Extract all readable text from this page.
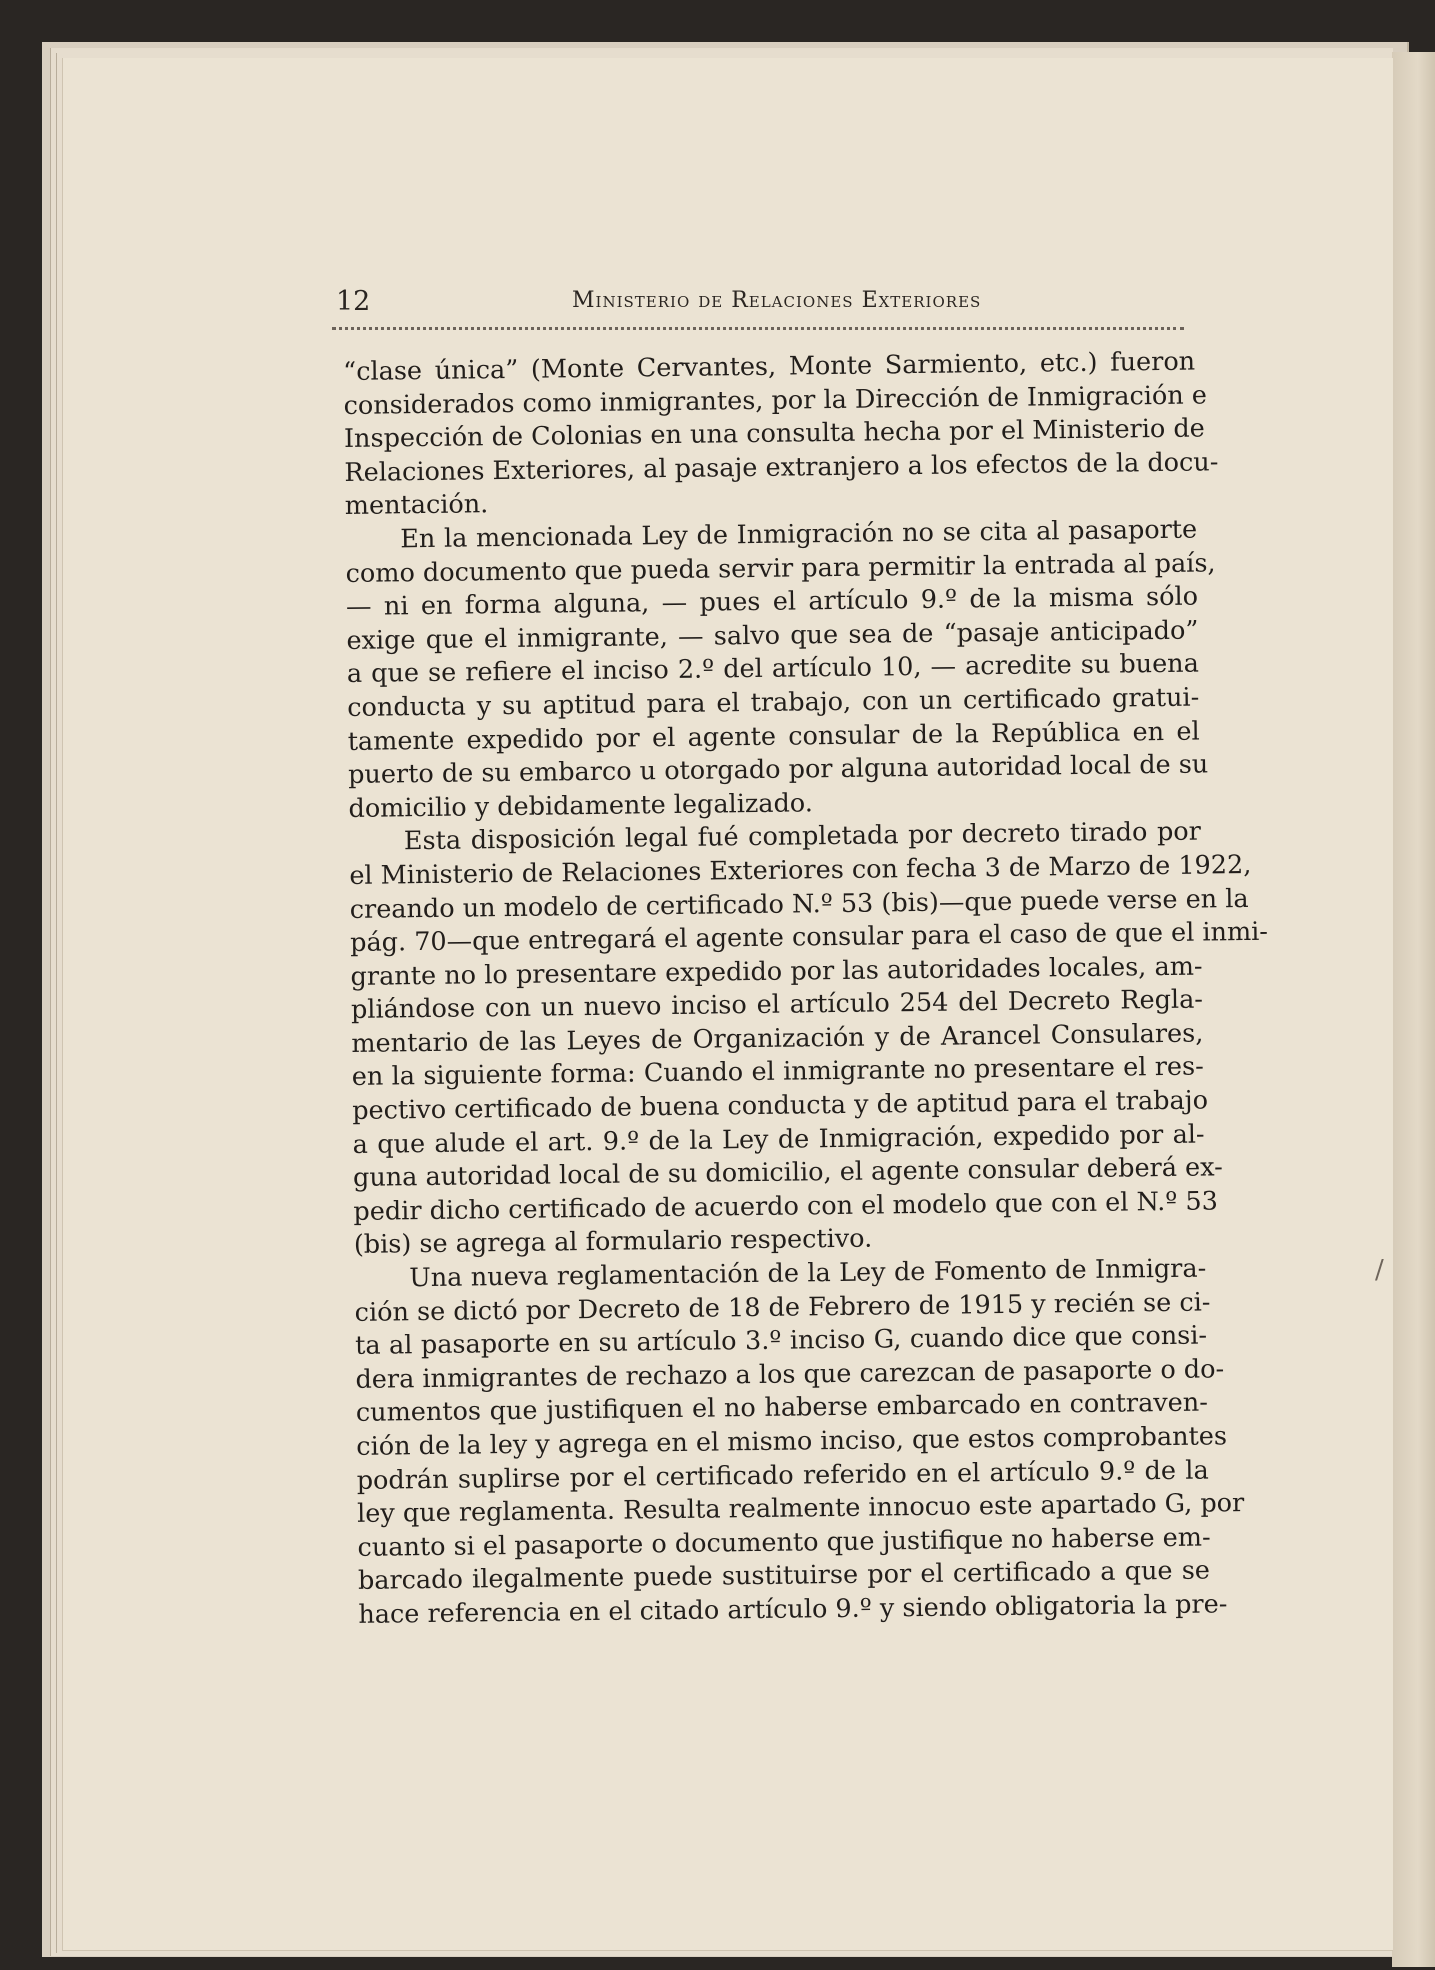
12	Ministerio de Relaciones Exteriores
“clase única” (Monte Cervantes, Monte Sarmiento, etc.) fueron
considerados como inmigrantes, por la Dirección de Inmigración e
Inspección de Colonias en una consulta hecha por el Ministerio de
Relaciones Exteriores, al pasaje extranjero a los efectos de la docu-
mentación.
En la mencionada Ley de Inmigración no se cita al pasaporte
como documento que pueda servir para permitir la entrada al país,
— ni en forma alguna, — pues el artículo 9.º de la misma sólo
exige que el inmigrante, — salvo que sea de “pasaje anticipado”
a que se refiere el inciso 2.º del artículo 10, — acredite su buena
conducta y su aptitud para el trabajo, con un certificado gratui-
tamente expedido por el agente consular de la República en el
puerto de su embarco u otorgado por alguna autoridad local de su
domicilio y debidamente legalizado.
Esta disposición legal fué completada por decreto tirado por
el Ministerio de Relaciones Exteriores con fecha 3 de Marzo de 1922,
creando un modelo de certificado N.º 53 (bis)—que puede verse en la
pág. 70—que entregará el agente consular para el caso de que el inmi-
grante no lo presentare expedido por las autoridades locales, am-
pliándose con un nuevo inciso el artículo 254 del Decreto Regla-
mentario de las Leyes de Organización y de Arancel Consulares,
en la siguiente forma: Cuando el inmigrante no presentare el res-
pectivo certificado de buena conducta y de aptitud para el trabajo
a que alude el art. 9.º de la Ley de Inmigración, expedido por al-
guna autoridad local de su domicilio, el agente consular deberá ex-
pedir dicho certificado de acuerdo con el modelo que con el N.º 53
(bis) se agrega al formulario respectivo.
Una nueva reglamentación de la Ley de Fomento de Inmigra-
ción se dictó por Decreto de 18 de Febrero de 1915 y recién se ci-
ta al pasaporte en su artículo 3.º inciso G, cuando dice que consi-
dera inmigrantes de rechazo a los que carezcan de pasaporte o do-
cumentos que justifiquen el no haberse embarcado en contraven-
ción de la ley y agrega en el mismo inciso, que estos comprobantes
podrán suplirse por el certificado referido en el artículo 9.º de la
ley que reglamenta. Resulta realmente innocuo este apartado G, por
cuanto si el pasaporte o documento que justifique no haberse em-
barcado ilegalmente puede sustituirse por el certificado a que se
hace referencia en el citado artículo 9.º y siendo obligatoria la pre-
/
